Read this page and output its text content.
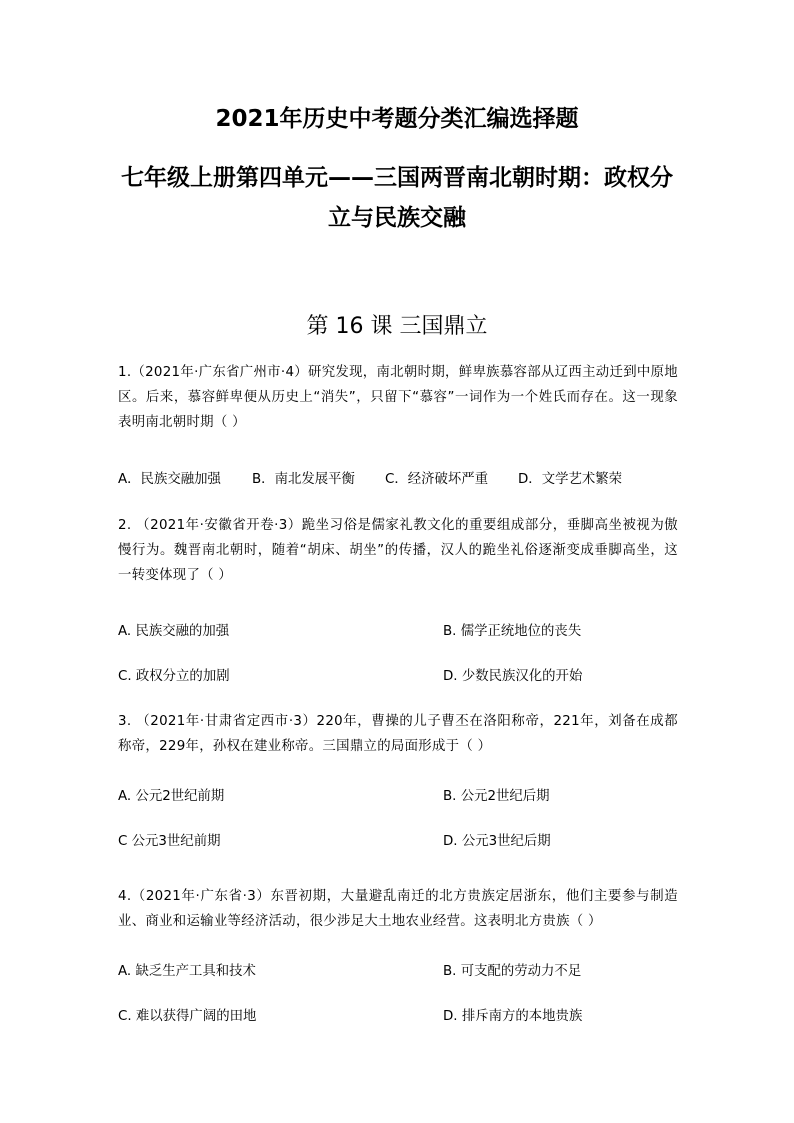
2021年历史中考题分类汇编选择题
七年级上册第四单元——三国两晋南北朝时期：政权分立与民族交融
第 16 课 三国鼎立
1.（2021年·广东省广州市·4）研究发现，南北朝时期，鲜卑族慕容部从辽西主动迁到中原地区。后来，慕容鲜卑便从历史上“消失”，只留下“慕容”一词作为一个姓氏而存在。这一现象表明南北朝时期（ ）
A．民族交融加强 B．南北发展平衡 C．经济破坏严重 D．文学艺术繁荣
2. （2021年·安徽省开卷·3）跪坐习俗是儒家礼教文化的重要组成部分，垂脚高坐被视为傲慢行为。魏晋南北朝时，随着“胡床、胡坐”的传播，汉人的跪坐礼俗逐渐变成垂脚高坐，这一转变体现了（ ）
A. 民族交融的加强	B. 儒学正统地位的丧失
C. 政权分立的加剧	D. 少数民族汉化的开始
3. （2021年·甘肃省定西市·3）220年，曹操的儿子曹丕在洛阳称帝，221年，刘备在成都称帝，229年，孙权在建业称帝。三国鼎立的局面形成于（ ）
A. 公元2世纪前期	B. 公元2世纪后期
C 公元3世纪前期	D. 公元3世纪后期
4.（2021年·广东省·3）东晋初期，大量避乱南迁的北方贵族定居浙东，他们主要参与制造业、商业和运输业等经济活动，很少涉足大土地农业经营。这表明北方贵族（ ）
A. 缺乏生产工具和技术	B. 可支配的劳动力不足
C. 难以获得广阔的田地	D. 排斥南方的本地贵族
